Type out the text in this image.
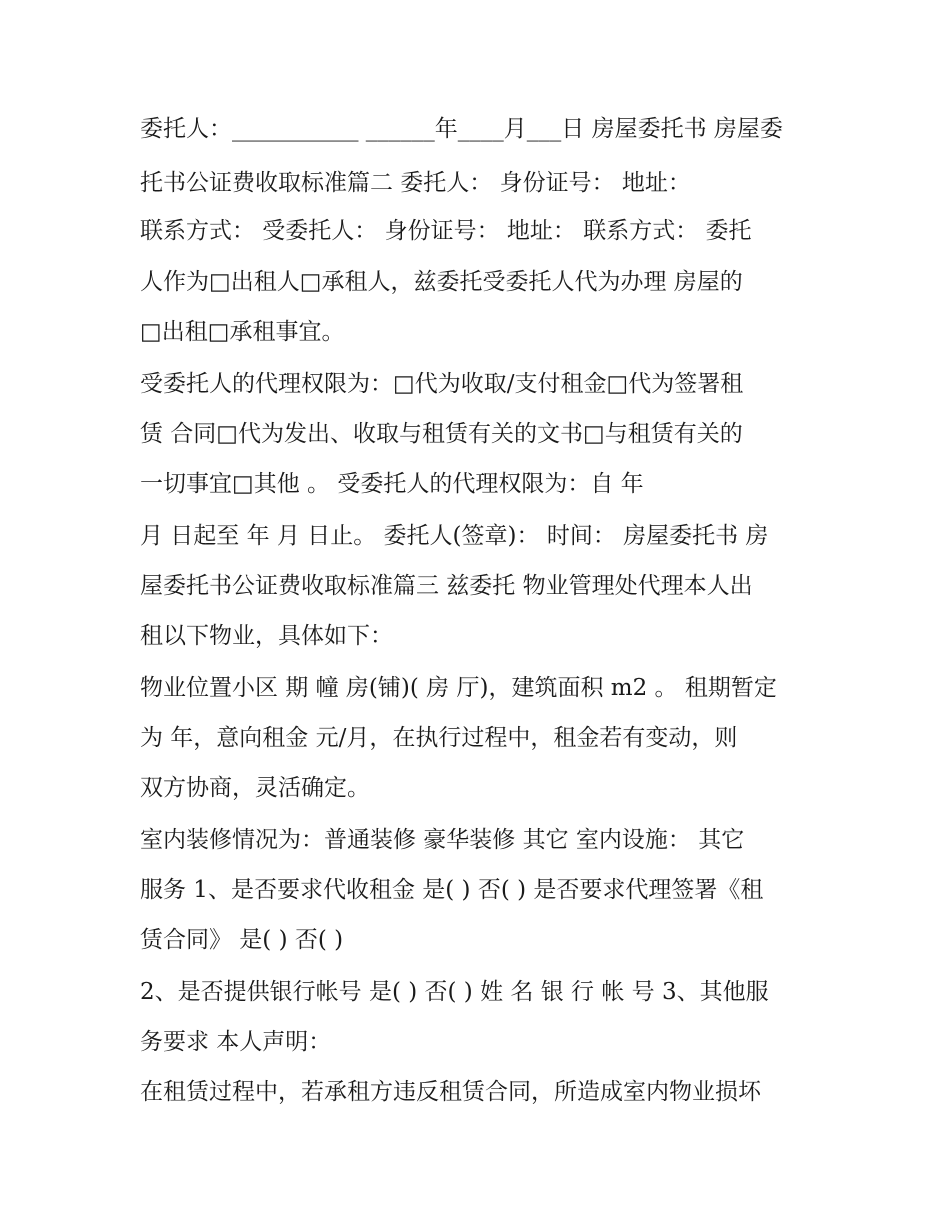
委托人：___________ ______年____月___日 房屋委托书 房屋委
托书公证费收取标准篇二 委托人： 身份证号： 地址：
联系方式： 受委托人： 身份证号： 地址： 联系方式： 委托
人作为□出租人□承租人，兹委托受委托人代为办理 房屋的
□出租□承租事宜。
受委托人的代理权限为：□代为收取/支付租金□代为签署租
赁 合同□代为发出、收取与租赁有关的文书□与租赁有关的
一切事宜□其他 。 受委托人的代理权限为：自 年
月 日起至 年 月 日止。 委托人(签章)： 时间： 房屋委托书 房
屋委托书公证费收取标准篇三 兹委托 物业管理处代理本人出
租以下物业，具体如下：
物业位置小区 期 幢 房(铺)( 房 厅)，建筑面积 m2 。 租期暂定
为 年，意向租金 元/月，在执行过程中，租金若有变动，则
双方协商，灵活确定。
室内装修情况为：普通装修 豪华装修 其它 室内设施： 其它
服务 1、是否要求代收租金 是( ) 否( ) 是否要求代理签署《租
赁合同》 是( ) 否( )
2、是否提供银行帐号 是( ) 否( ) 姓 名 银 行 帐 号 3、其他服
务要求 本人声明：
在租赁过程中，若承租方违反租赁合同，所造成室内物业损坏
